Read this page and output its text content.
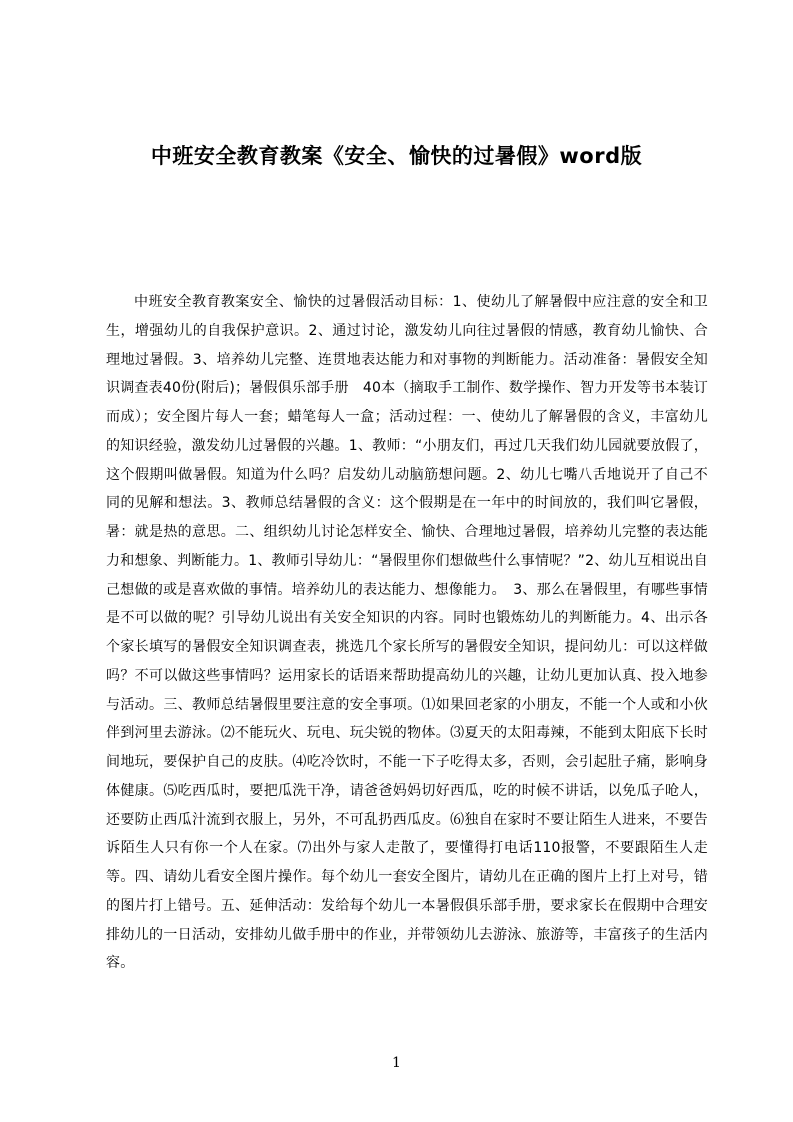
中班安全教育教案《安全、愉快的过暑假》word版

中班安全教育教案安全、愉快的过暑假活动目标：1、使幼儿了解暑假中应注意的安全和卫生，增强幼儿的自我保护意识。2、通过讨论，激发幼儿向往过暑假的情感，教育幼儿愉快、合理地过暑假。3、培养幼儿完整、连贯地表达能力和对事物的判断能力。活动准备：暑假安全知识调查表40份(附后)；暑假俱乐部手册　40本（摘取手工制作、数学操作、智力开发等书本装订而成）；安全图片每人一套；蜡笔每人一盒；活动过程：一、使幼儿了解暑假的含义，丰富幼儿的知识经验，激发幼儿过暑假的兴趣。1、教师：“小朋友们，再过几天我们幼儿园就要放假了，这个假期叫做暑假。知道为什么吗？启发幼儿动脑筋想问题。2、幼儿七嘴八舌地说开了自己不同的见解和想法。3、教师总结暑假的含义：这个假期是在一年中的时间放的，我们叫它暑假，暑：就是热的意思。二、组织幼儿讨论怎样安全、愉快、合理地过暑假，培养幼儿完整的表达能力和想象、判断能力。1、教师引导幼儿：“暑假里你们想做些什么事情呢？”2、幼儿互相说出自己想做的或是喜欢做的事情。培养幼儿的表达能力、想像能力。　3、那么在暑假里，有哪些事情是不可以做的呢？引导幼儿说出有关安全知识的内容。同时也锻炼幼儿的判断能力。4、出示各个家长填写的暑假安全知识调查表，挑选几个家长所写的暑假安全知识，提问幼儿：可以这样做吗？不可以做这些事情吗？运用家长的话语来帮助提高幼儿的兴趣，让幼儿更加认真、投入地参与活动。三、教师总结暑假里要注意的安全事项。⑴如果回老家的小朋友，不能一个人或和小伙伴到河里去游泳。⑵不能玩火、玩电、玩尖锐的物体。⑶夏天的太阳毒辣，不能到太阳底下长时间地玩，要保护自己的皮肤。⑷吃冷饮时，不能一下子吃得太多，否则，会引起肚子痛，影响身体健康。⑸吃西瓜时，要把瓜洗干净，请爸爸妈妈切好西瓜，吃的时候不讲话，以免瓜子呛人，还要防止西瓜汁流到衣服上，另外，不可乱扔西瓜皮。⑹独自在家时不要让陌生人进来，不要告诉陌生人只有你一个人在家。⑺出外与家人走散了，要懂得打电话110报警，不要跟陌生人走等。四、请幼儿看安全图片操作。每个幼儿一套安全图片，请幼儿在正确的图片上打上对号，错的图片打上错号。五、延伸活动：发给每个幼儿一本暑假俱乐部手册，要求家长在假期中合理安排幼儿的一日活动，安排幼儿做手册中的作业，并带领幼儿去游泳、旅游等，丰富孩子的生活内容。

1
